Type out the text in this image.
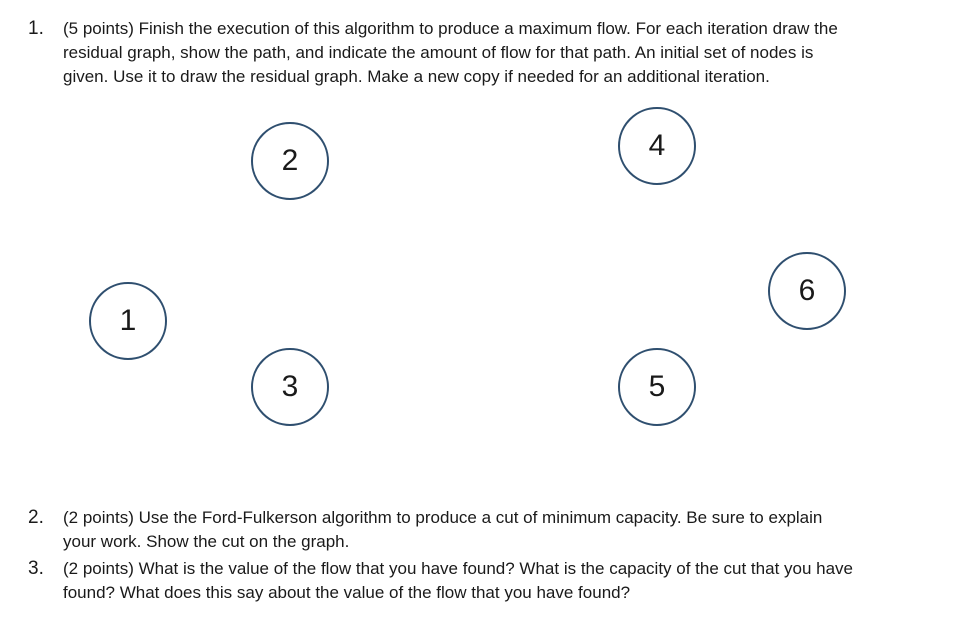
1. (5 points) Finish the execution of this algorithm to produce a maximum flow. For each iteration draw the
residual graph, show the path, and indicate the amount of flow for that path. An initial set of nodes is
given. Use it to draw the residual graph. Make a new copy if needed for an additional iteration.
1
2
3
4
5
6
2. (2 points) Use the Ford-Fulkerson algorithm to produce a cut of minimum capacity. Be sure to explain
your work. Show the cut on the graph.
3. (2 points) What is the value of the flow that you have found? What is the capacity of the cut that you have
found? What does this say about the value of the flow that you have found?
